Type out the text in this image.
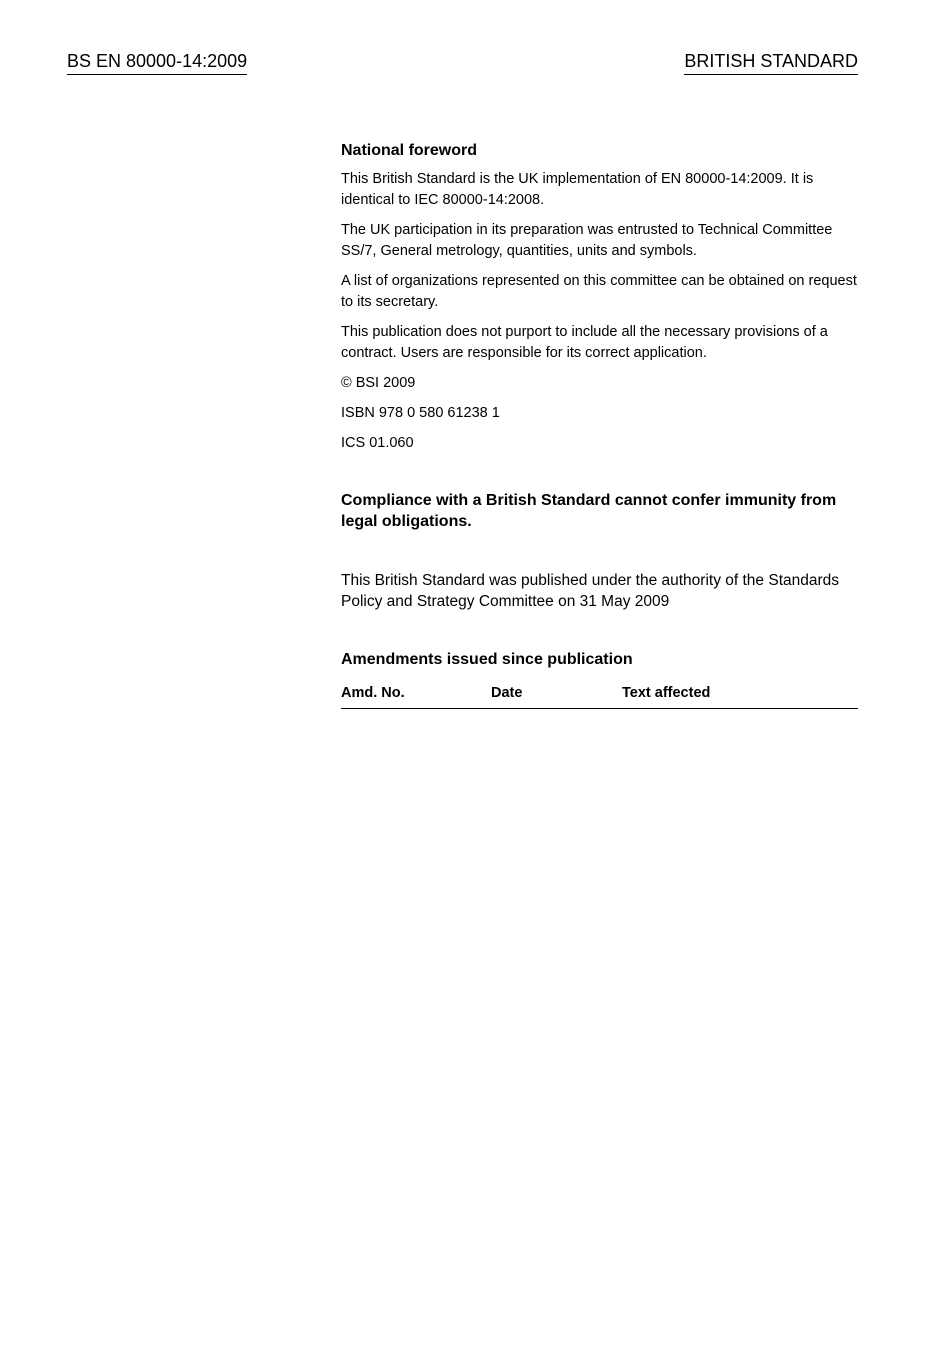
BS EN 80000-14:2009	BRITISH STANDARD
National foreword

This British Standard is the UK implementation of EN 80000-14:2009. It is identical to IEC 80000-14:2008.

The UK participation in its preparation was entrusted to Technical Committee SS/7, General metrology, quantities, units and symbols.

A list of organizations represented on this committee can be obtained on request to its secretary.

This publication does not purport to include all the necessary provisions of a contract. Users are responsible for its correct application.

© BSI 2009

ISBN 978 0 580 61238 1

ICS 01.060

Compliance with a British Standard cannot confer immunity from legal obligations.
This British Standard was published under the authority of the Standards Policy and Strategy Committee on 31 May 2009
Amendments issued since publication
Amd. No.	Date	Text affected
